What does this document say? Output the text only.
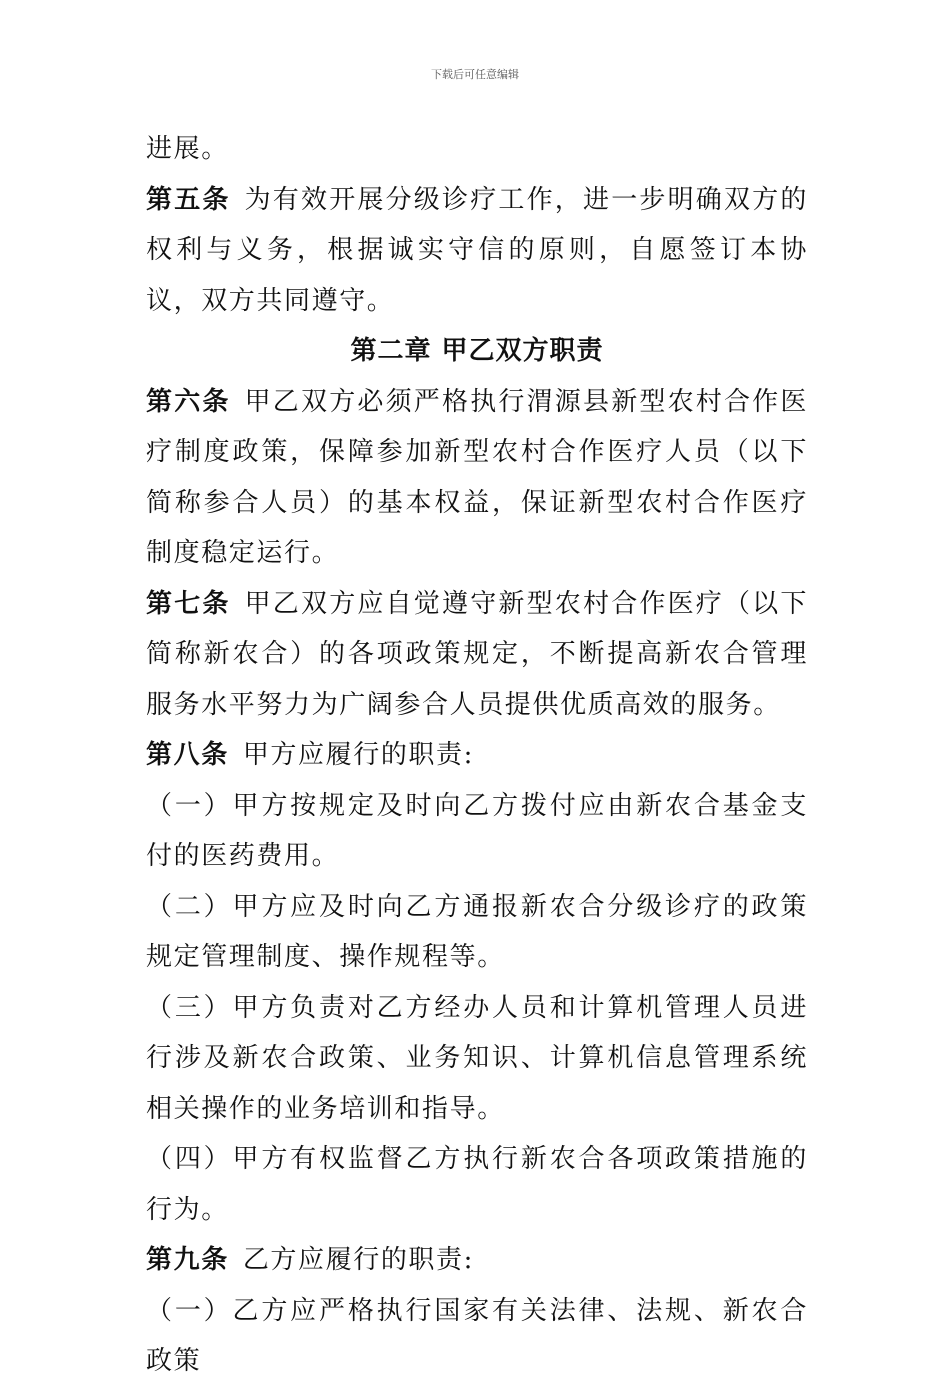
下载后可任意编辑

进展。

第五条 为有效开展分级诊疗工作，进一步明确双方的权利与义务，根据诚实守信的原则，自愿签订本协议，双方共同遵守。

第二章 甲乙双方职责

第六条 甲乙双方必须严格执行渭源县新型农村合作医疗制度政策，保障参加新型农村合作医疗人员（以下简称参合人员）的基本权益，保证新型农村合作医疗制度稳定运行。

第七条 甲乙双方应自觉遵守新型农村合作医疗（以下简称新农合）的各项政策规定，不断提高新农合管理服务水平努力为广阔参合人员提供优质高效的服务。

第八条 甲方应履行的职责:

（一）甲方按规定及时向乙方拨付应由新农合基金支付的医药费用。

（二）甲方应及时向乙方通报新农合分级诊疗的政策规定管理制度、操作规程等。

（三）甲方负责对乙方经办人员和计算机管理人员进行涉及新农合政策、业务知识、计算机信息管理系统相关操作的业务培训和指导。

（四）甲方有权监督乙方执行新农合各项政策措施的行为。

第九条 乙方应履行的职责:

（一）乙方应严格执行国家有关法律、法规、新农合政策
